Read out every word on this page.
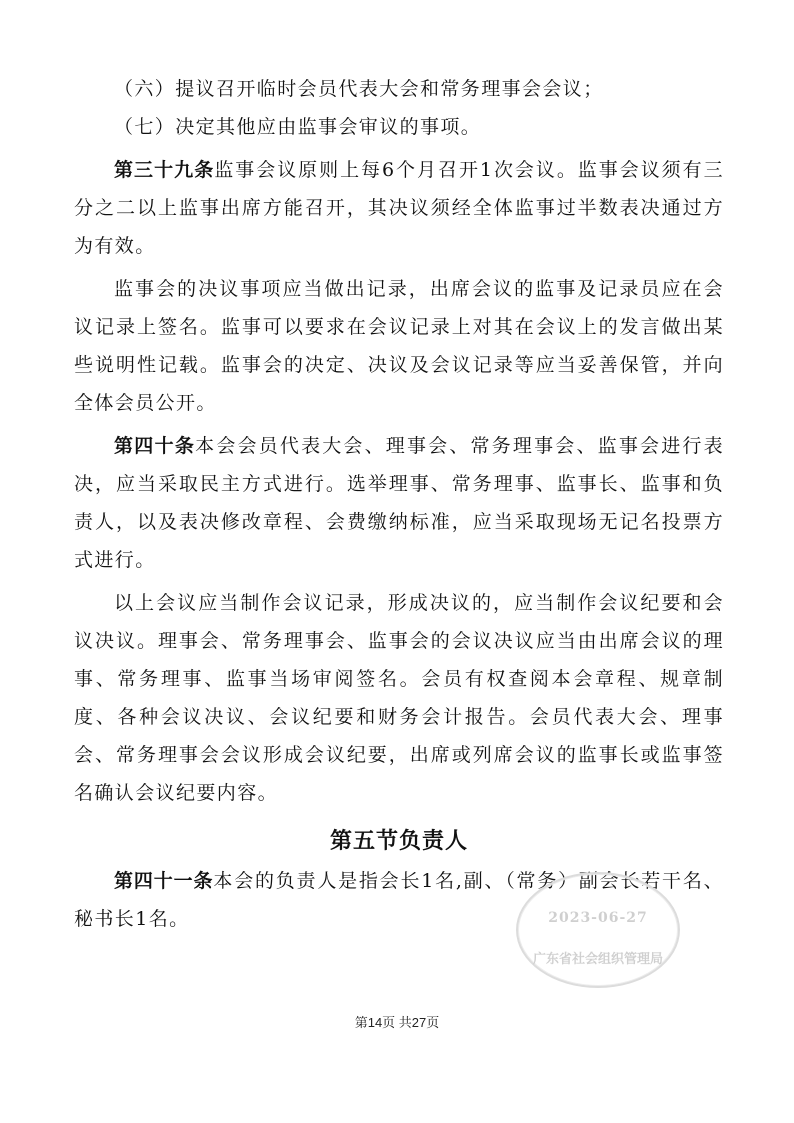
（六）提议召开临时会员代表大会和常务理事会会议；

（七）决定其他应由监事会审议的事项。

第三十九条监事会议原则上每6个月召开1次会议。监事会议须有三分之二以上监事出席方能召开，其决议须经全体监事过半数表决通过方为有效。

监事会的决议事项应当做出记录，出席会议的监事及记录员应在会议记录上签名。监事可以要求在会议记录上对其在会议上的发言做出某些说明性记载。监事会的决定、决议及会议记录等应当妥善保管，并向全体会员公开。

第四十条本会会员代表大会、理事会、常务理事会、监事会进行表决，应当采取民主方式进行。选举理事、常务理事、监事长、监事和负责人，以及表决修改章程、会费缴纳标准，应当采取现场无记名投票方式进行。

以上会议应当制作会议记录，形成决议的，应当制作会议纪要和会议决议。理事会、常务理事会、监事会的会议决议应当由出席会议的理事、常务理事、监事当场审阅签名。会员有权查阅本会章程、规章制度、各种会议决议、会议纪要和财务会计报告。会员代表大会、理事会、常务理事会会议形成会议纪要，出席或列席会议的监事长或监事签名确认会议纪要内容。

第五节负责人

第四十一条本会的负责人是指会长1名,副、（常务）副会长若干名、秘书长1名。	2023-06-27
广东省社会组织管理局
第14页 共27页
